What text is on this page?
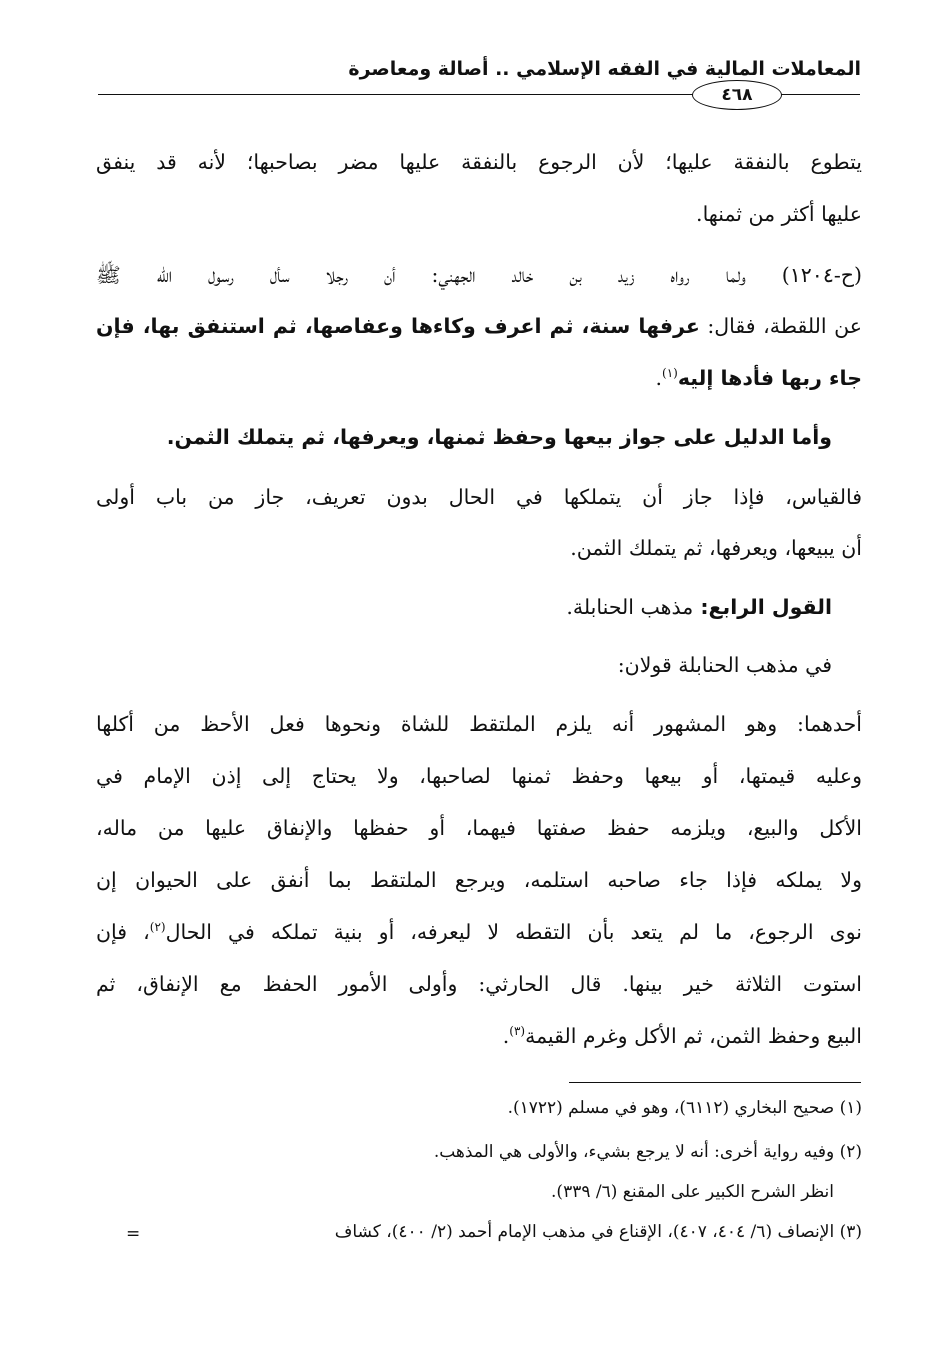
المعاملات المالية في الفقه الإسلامي .. أصالة ومعاصرة
٤٦٨
يتطوع بالنفقة عليها؛ لأن الرجوع بالنفقة عليها مضر بصاحبها؛ لأنه قد ينفق
عليها أكثر من ثمنها.
(ح-١٢٠٤) ولما رواه زيد بن خالد الجهني: أن رجلا سأل رسول الله ﷺ
عن اللقطة، فقال: عرفها سنة، ثم اعرف وكاءها وعفاصها، ثم استنفق بها، فإن
جاء ربها فأدها إليه$^{(١)}$.
وأما الدليل على جواز بيعها وحفظ ثمنها، ويعرفها، ثم يتملك الثمن.
فالقياس، فإذا جاز أن يتملكها في الحال بدون تعريف، جاز من باب أولى
أن يبيعها، ويعرفها، ثم يتملك الثمن.
القول الرابع: مذهب الحنابلة.
في مذهب الحنابلة قولان:
أحدهما: وهو المشهور أنه يلزم الملتقط للشاة ونحوها فعل الأحظ من أكلها
وعليه قيمتها، أو بيعها وحفظ ثمنها لصاحبها، ولا يحتاج إلى إذن الإمام في
الأكل والبيع، ويلزمه حفظ صفتها فيهما، أو حفظها والإنفاق عليها من ماله،
ولا يملكه فإذا جاء صاحبه استلمه، ويرجع الملتقط بما أنفق على الحيوان إن
نوى الرجوع، ما لم يتعد بأن التقطه لا ليعرفه، أو بنية تملكه في الحال$^{(٢)}$، فإن
استوت الثلاثة خير بينها. قال الحارثي: وأولى الأمور الحفظ مع الإنفاق، ثم
البيع وحفظ الثمن، ثم الأكل وغرم القيمة$^{(٣)}$.
(١) صحيح البخاري (٦١١٢)، وهو في مسلم (١٧٢٢).
(٢) وفيه رواية أخرى: أنه لا يرجع بشيء، والأولى هي المذهب.
انظر الشرح الكبير على المقنع (٦/ ٣٣٩).
(٣) الإنصاف (٦/ ٤٠٤، ٤٠٧)، الإقناع في مذهب الإمام أحمد (٢/ ٤٠٠)، كشاف
=
